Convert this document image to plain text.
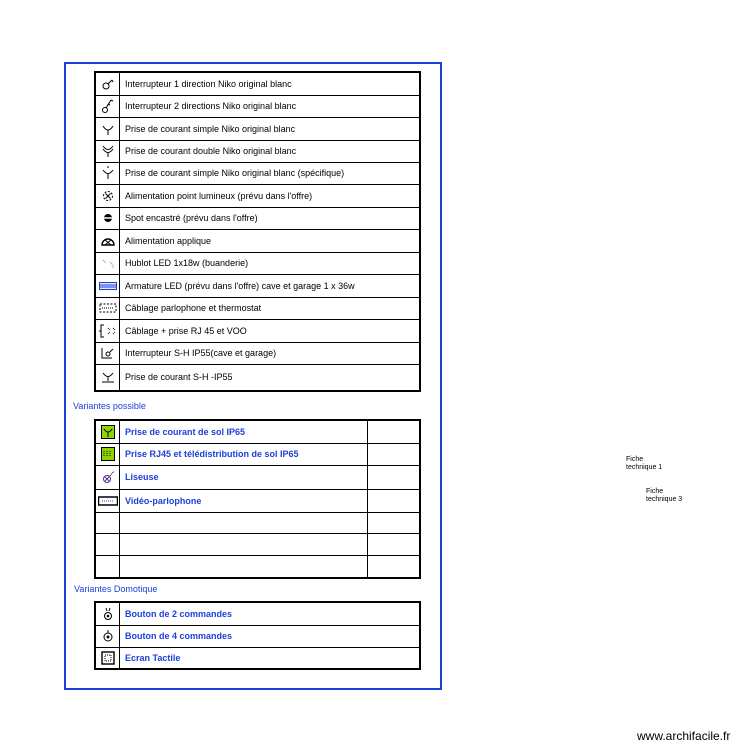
	Interrupteur 1 direction Niko original blanc

	Interrupteur 2 directions Niko original blanc

	Prise de courant simple Niko original blanc

	Prise de courant double Niko original blanc

	Prise de courant simple Niko original blanc (spécifique)

	Alimentation point lumineux (prévu dans l'offre)

	Spot encastré (prévu dans l'offre)

	Alimentation applique

	Hublot LED 1x18w (buanderie)

	Armature LED (prévu dans l'offre) cave et garage 1 x 36w

	Câblage parlophone et thermostat

	Câblage + prise RJ 45 et VOO

	Interrupteur S-H IP55(cave et garage)

	Prise de courant S-H -IP55
Variantes possible
	Prise de courant de sol IP65	

	Prise RJ45 et télédistribution de sol IP65	

	Liseuse	

	Vidéo-parlophone	

Variantes Domotique
	Bouton de 2 commandes

	Bouton de 4 commandes

	Ecran Tactile
Fiche
technique 1
Fiche
technique 3
www.archifacile.fr
